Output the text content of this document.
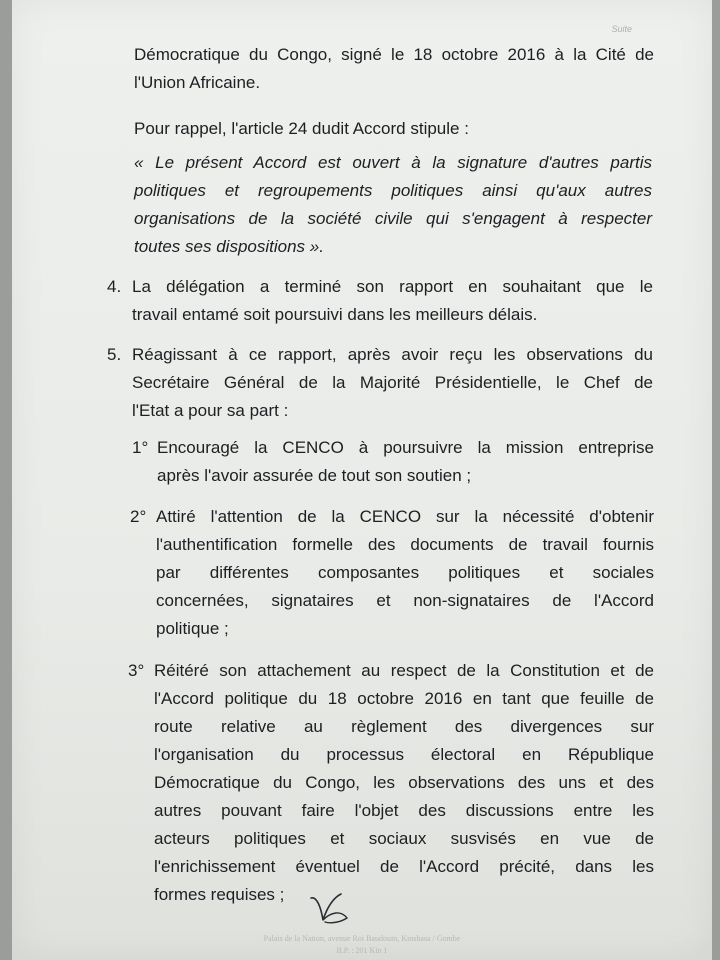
Suite
Démocratique du Congo, signé le 18 octobre 2016 à la Cité de
l'Union Africaine.
Pour rappel, l'article 24 dudit Accord stipule :
« Le présent Accord est ouvert à la signature d'autres partis
politiques et regroupements politiques ainsi qu'aux autres
organisations de la société civile qui s'engagent à respecter
toutes ses dispositions ».
4. La délégation a terminé son rapport en souhaitant que le
travail entamé soit poursuivi dans les meilleurs délais.
5. Réagissant à ce rapport, après avoir reçu les observations du
Secrétaire Général de la Majorité Présidentielle, le Chef de
l'Etat a pour sa part :
1° Encouragé la CENCO à poursuivre la mission entreprise
après l'avoir assurée de tout son soutien ;
2° Attiré l'attention de la CENCO sur la nécessité d'obtenir
l'authentification formelle des documents de travail fournis
par différentes composantes politiques et sociales
concernées, signataires et non-signataires de l'Accord
politique ;
3° Réitéré son attachement au respect de la Constitution et de
l'Accord politique du 18 octobre 2016 en tant que feuille de
route relative au règlement des divergences sur
l'organisation du processus électoral en République
Démocratique du Congo, les observations des uns et des
autres pouvant faire l'objet des discussions entre les
acteurs politiques et sociaux susvisés en vue de
l'enrichissement éventuel de l'Accord précité, dans les
formes requises ;
Palais de la Nation, avenue Roi Baudouin, Kinshasa / Gombe
B.P. : 201 Kin 1
